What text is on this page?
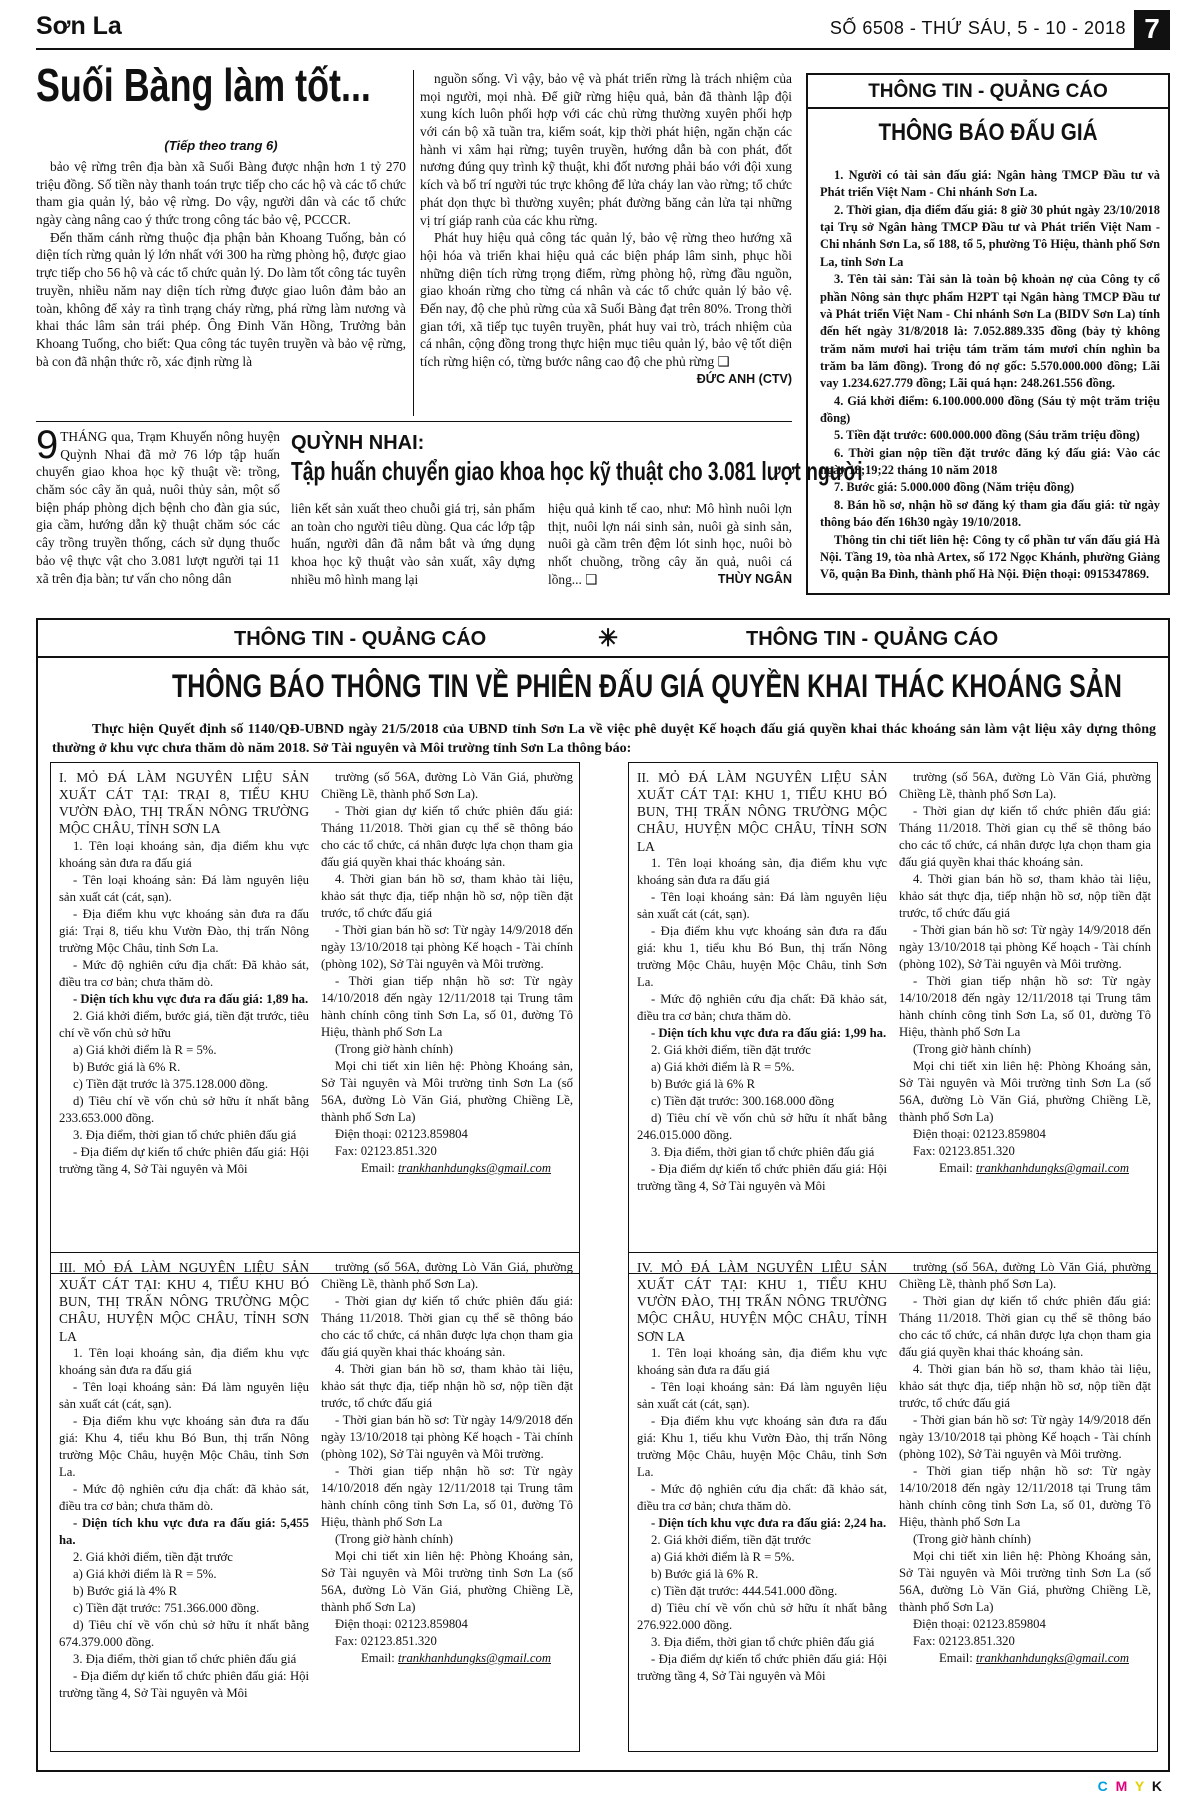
Sơn La	SỐ 6508 - THỨ SÁU, 5 - 10 - 2018 7
Suối Bàng làm tốt...
(Tiếp theo trang 6)

bảo vệ rừng trên địa bàn xã Suối Bàng được nhận hơn 1 tỷ 270 triệu đồng. Số tiền này thanh toán trực tiếp cho các hộ và các tổ chức tham gia quản lý, bảo vệ rừng. Do vậy, người dân và các tổ chức ngày càng nâng cao ý thức trong công tác bảo vệ, PCCCR.

Đến thăm cánh rừng thuộc địa phận bản Khoang Tuống, bản có diện tích rừng quản lý lớn nhất với 300 ha rừng phòng hộ, được giao trực tiếp cho 56 hộ và các tổ chức quản lý. Do làm tốt công tác tuyên truyền, nhiều năm nay diện tích rừng được giao luôn đảm bảo an toàn, không để xảy ra tình trạng cháy rừng, phá rừng làm nương và khai thác lâm sản trái phép. Ông Đinh Văn Hồng, Trưởng bản Khoang Tuống, cho biết: Qua công tác tuyên truyền và bảo vệ rừng, bà con đã nhận thức rõ, xác định rừng là

nguồn sống. Vì vậy, bảo vệ và phát triển rừng là trách nhiệm của mọi người, mọi nhà. Để giữ rừng hiệu quả, bản đã thành lập đội xung kích luôn phối hợp với các chủ rừng thường xuyên phối hợp với cán bộ xã tuần tra, kiểm soát, kịp thời phát hiện, ngăn chặn các hành vi xâm hại rừng; tuyên truyền, hướng dẫn bà con phát, đốt nương đúng quy trình kỹ thuật, khi đốt nương phải báo với đội xung kích và bố trí người túc trực không để lửa cháy lan vào rừng; tổ chức phát dọn thực bì thường xuyên; phát đường băng cản lửa tại những vị trí giáp ranh của các khu rừng.

Phát huy hiệu quả công tác quản lý, bảo vệ rừng theo hướng xã hội hóa và triển khai hiệu quả các biện pháp lâm sinh, phục hồi những diện tích rừng trọng điểm, rừng phòng hộ, rừng đầu nguồn, giao khoán rừng cho từng cá nhân và các tổ chức quản lý bảo vệ. Đến nay, độ che phủ rừng của xã Suối Bàng đạt trên 80%. Trong thời gian tới, xã tiếp tục tuyên truyền, phát huy vai trò, trách nhiệm của cá nhân, cộng đồng trong thực hiện mục tiêu quản lý, bảo vệ tốt diện tích rừng hiện có, từng bước nâng cao độ che phủ rừng ❑

ĐỨC ANH (CTV)
9 THÁNG qua, Trạm Khuyến nông huyện Quỳnh Nhai đã mở 76 lớp tập huấn chuyển giao khoa học kỹ thuật về: trồng, chăm sóc cây ăn quả, nuôi thủy sản, một số biện pháp phòng dịch bệnh cho đàn gia súc, gia cầm, hướng dẫn kỹ thuật chăm sóc các cây trồng truyền thống, cách sử dụng thuốc bảo vệ thực vật cho 3.081 lượt người tại 11 xã trên địa bàn; tư vấn cho nông dân
QUỲNH NHAI:
Tập huấn chuyển giao khoa học kỹ thuật cho 3.081 lượt người
liên kết sản xuất theo chuỗi giá trị, sản phẩm an toàn cho người tiêu dùng. Qua các lớp tập huấn, người dân đã nắm bắt và ứng dụng khoa học kỹ thuật vào sản xuất, xây dựng nhiều mô hình mang lại
hiệu quả kinh tế cao, như: Mô hình nuôi lợn thịt, nuôi lợn nái sinh sản, nuôi gà sinh sản, nuôi gà cầm trên đệm lót sinh học, nuôi bò nhốt chuồng, trồng cây ăn quả, nuôi cá lồng... ❑	THÙY NGÂN
THÔNG TIN - QUẢNG CÁO
THÔNG BÁO ĐẤU GIÁ

1. Người có tài sản đấu giá: Ngân hàng TMCP Đầu tư và Phát triển Việt Nam - Chi nhánh Sơn La.

2. Thời gian, địa điểm đấu giá: 8 giờ 30 phút ngày 23/10/2018 tại Trụ sở Ngân hàng TMCP Đầu tư và Phát triển Việt Nam - Chi nhánh Sơn La, số 188, tổ 5, phường Tô Hiệu, thành phố Sơn La, tỉnh Sơn La

3. Tên tài sản: Tài sản là toàn bộ khoản nợ của Công ty cổ phần Nông sản thực phẩm H2PT tại Ngân hàng TMCP Đầu tư và Phát triển Việt Nam - Chi nhánh Sơn La (BIDV Sơn La) tính đến hết ngày 31/8/2018 là: 7.052.889.335 đồng (bảy tỷ không trăm năm mươi hai triệu tám trăm tám mươi chín nghìn ba trăm ba lăm đồng). Trong đó nợ gốc: 5.570.000.000 đồng; Lãi vay 1.234.627.779 đồng; Lãi quá hạn: 248.261.556 đồng.

4. Giá khởi điểm: 6.100.000.000 đồng (Sáu tỷ một trăm triệu đồng)

5. Tiền đặt trước: 600.000.000 đồng (Sáu trăm triệu đồng)

6. Thời gian nộp tiền đặt trước đăng ký đấu giá: Vào các ngày 18;19;22 tháng 10 năm 2018

7. Bước giá: 5.000.000 đồng (Năm triệu đồng)

8. Bán hồ sơ, nhận hồ sơ đăng ký tham gia đấu giá: từ ngày thông báo đến 16h30 ngày 19/10/2018.

Thông tin chi tiết liên hệ: Công ty cổ phần tư vấn đấu giá Hà Nội. Tầng 19, tòa nhà Artex, số 172 Ngọc Khánh, phường Giảng Võ, quận Ba Đình, thành phố Hà Nội. Điện thoại: 0915347869.

THÔNG TIN - QUẢNG CÁO	✳	THÔNG TIN - QUẢNG CÁO
THÔNG BÁO THÔNG TIN VỀ PHIÊN ĐẤU GIÁ QUYỀN KHAI THÁC KHOÁNG SẢN
Thực hiện Quyết định số 1140/QĐ-UBND ngày 21/5/2018 của UBND tỉnh Sơn La về việc phê duyệt Kế hoạch đấu giá quyền khai thác khoáng sản làm vật liệu xây dựng thông thường ở khu vực chưa thăm dò năm 2018. Sở Tài nguyên và Môi trường tỉnh Sơn La thông báo:

I. MỎ ĐÁ LÀM NGUYÊN LIỆU SẢN XUẤT CÁT TẠI: TRẠI 8, TIỂU KHU VƯỜN ĐÀO, THỊ TRẤN NÔNG TRƯỜNG MỘC CHÂU, TỈNH SƠN LA

1. Tên loại khoáng sản, địa điểm khu vực khoáng sản đưa ra đấu giá

- Tên loại khoáng sản: Đá làm nguyên liệu sản xuất cát (cát, sạn).

- Địa điểm khu vực khoáng sản đưa ra đấu giá: Trại 8, tiểu khu Vườn Đào, thị trấn Nông trường Mộc Châu, tỉnh Sơn La.

- Mức độ nghiên cứu địa chất: Đã khảo sát, điều tra cơ bản; chưa thăm dò.

- Diện tích khu vực đưa ra đấu giá: 1,89 ha.

2. Giá khởi điểm, bước giá, tiền đặt trước, tiêu chí về vốn chủ sở hữu

a) Giá khởi điểm là R = 5%.

b) Bước giá là 6% R.

c) Tiền đặt trước là 375.128.000 đồng.

d) Tiêu chí về vốn chủ sở hữu ít nhất bằng 233.653.000 đồng.

3. Địa điểm, thời gian tổ chức phiên đấu giá

- Địa điểm dự kiến tổ chức phiên đấu giá: Hội trường tầng 4, Sở Tài nguyên và Môi

trường (số 56A, đường Lò Văn Giá, phường Chiềng Lề, thành phố Sơn La).

- Thời gian dự kiến tổ chức phiên đấu giá: Tháng 11/2018. Thời gian cụ thể sẽ thông báo cho các tổ chức, cá nhân được lựa chọn tham gia đấu giá quyền khai thác khoáng sản.

4. Thời gian bán hồ sơ, tham khảo tài liệu, khảo sát thực địa, tiếp nhận hồ sơ, nộp tiền đặt trước, tổ chức đấu giá

- Thời gian bán hồ sơ: Từ ngày 14/9/2018 đến ngày 13/10/2018 tại phòng Kế hoạch - Tài chính (phòng 102), Sở Tài nguyên và Môi trường.

- Thời gian tiếp nhận hồ sơ: Từ ngày 14/10/2018 đến ngày 12/11/2018 tại Trung tâm hành chính công tỉnh Sơn La, số 01, đường Tô Hiệu, thành phố Sơn La

(Trong giờ hành chính)

Mọi chi tiết xin liên hệ: Phòng Khoáng sản, Sở Tài nguyên và Môi trường tỉnh Sơn La (số 56A, đường Lò Văn Giá, phường Chiềng Lề, thành phố Sơn La)

Điện thoại: 02123.859804

Fax: 02123.851.320

Email: trankhanhdungks@gmail.com

II. MỎ ĐÁ LÀM NGUYÊN LIỆU SẢN XUẤT CÁT TẠI: KHU 1, TIỂU KHU BÓ BUN, THỊ TRẤN NÔNG TRƯỜNG MỘC CHÂU, HUYỆN MỘC CHÂU, TỈNH SƠN LA

1. Tên loại khoáng sản, địa điểm khu vực khoáng sản đưa ra đấu giá

- Tên loại khoáng sản: Đá làm nguyên liệu sản xuất cát (cát, sạn).

- Địa điểm khu vực khoáng sản đưa ra đấu giá: khu 1, tiểu khu Bó Bun, thị trấn Nông trường Mộc Châu, huyện Mộc Châu, tỉnh Sơn La.

- Mức độ nghiên cứu địa chất: Đã khảo sát, điều tra cơ bản; chưa thăm dò.

- Diện tích khu vực đưa ra đấu giá: 1,99 ha.

2. Giá khởi điểm, tiền đặt trước

a) Giá khởi điểm là R = 5%.

b) Bước giá là 6% R

c) Tiền đặt trước: 300.168.000 đồng

d) Tiêu chí về vốn chủ sở hữu ít nhất bằng 246.015.000 đồng.

3. Địa điểm, thời gian tổ chức phiên đấu giá

- Địa điểm dự kiến tổ chức phiên đấu giá: Hội trường tầng 4, Sở Tài nguyên và Môi

trường (số 56A, đường Lò Văn Giá, phường Chiềng Lề, thành phố Sơn La).

- Thời gian dự kiến tổ chức phiên đấu giá: Tháng 11/2018. Thời gian cụ thể sẽ thông báo cho các tổ chức, cá nhân được lựa chọn tham gia đấu giá quyền khai thác khoáng sản.

4. Thời gian bán hồ sơ, tham khảo tài liệu, khảo sát thực địa, tiếp nhận hồ sơ, nộp tiền đặt trước, tổ chức đấu giá

- Thời gian bán hồ sơ: Từ ngày 14/9/2018 đến ngày 13/10/2018 tại phòng Kế hoạch - Tài chính (phòng 102), Sở Tài nguyên và Môi trường.

- Thời gian tiếp nhận hồ sơ: Từ ngày 14/10/2018 đến ngày 12/11/2018 tại Trung tâm hành chính công tỉnh Sơn La, số 01, đường Tô Hiệu, thành phố Sơn La

(Trong giờ hành chính)

Mọi chi tiết xin liên hệ: Phòng Khoáng sản, Sở Tài nguyên và Môi trường tỉnh Sơn La (số 56A, đường Lò Văn Giá, phường Chiềng Lề, thành phố Sơn La)

Điện thoại: 02123.859804

Fax: 02123.851.320

Email: trankhanhdungks@gmail.com

III. MỎ ĐÁ LÀM NGUYÊN LIỆU SẢN XUẤT CÁT TẠI: KHU 4, TIỂU KHU BÓ BUN, THỊ TRẤN NÔNG TRƯỜNG MỘC CHÂU, HUYỆN MỘC CHÂU, TỈNH SƠN LA

1. Tên loại khoáng sản, địa điểm khu vực khoáng sản đưa ra đấu giá

- Tên loại khoáng sản: Đá làm nguyên liệu sản xuất cát (cát, sạn).

- Địa điểm khu vực khoáng sản đưa ra đấu giá: Khu 4, tiểu khu Bó Bun, thị trấn Nông trường Mộc Châu, huyện Mộc Châu, tỉnh Sơn La.

- Mức độ nghiên cứu địa chất: đã khảo sát, điều tra cơ bản; chưa thăm dò.

- Diện tích khu vực đưa ra đấu giá: 5,455 ha.

2. Giá khởi điểm, tiền đặt trước

a) Giá khởi điểm là R = 5%.

b) Bước giá là 4% R

c) Tiền đặt trước: 751.366.000 đồng.

d) Tiêu chí về vốn chủ sở hữu ít nhất bằng 674.379.000 đồng.

3. Địa điểm, thời gian tổ chức phiên đấu giá

- Địa điểm dự kiến tổ chức phiên đấu giá: Hội trường tầng 4, Sở Tài nguyên và Môi

trường (số 56A, đường Lò Văn Giá, phường Chiềng Lề, thành phố Sơn La).

- Thời gian dự kiến tổ chức phiên đấu giá: Tháng 11/2018. Thời gian cụ thể sẽ thông báo cho các tổ chức, cá nhân được lựa chọn tham gia đấu giá quyền khai thác khoáng sản.

4. Thời gian bán hồ sơ, tham khảo tài liệu, khảo sát thực địa, tiếp nhận hồ sơ, nộp tiền đặt trước, tổ chức đấu giá

- Thời gian bán hồ sơ: Từ ngày 14/9/2018 đến ngày 13/10/2018 tại phòng Kế hoạch - Tài chính (phòng 102), Sở Tài nguyên và Môi trường.

- Thời gian tiếp nhận hồ sơ: Từ ngày 14/10/2018 đến ngày 12/11/2018 tại Trung tâm hành chính công tỉnh Sơn La, số 01, đường Tô Hiệu, thành phố Sơn La

(Trong giờ hành chính)

Mọi chi tiết xin liên hệ: Phòng Khoáng sản, Sở Tài nguyên và Môi trường tỉnh Sơn La (số 56A, đường Lò Văn Giá, phường Chiềng Lề, thành phố Sơn La)

Điện thoại: 02123.859804

Fax: 02123.851.320

Email: trankhanhdungks@gmail.com

IV. MỎ ĐÁ LÀM NGUYÊN LIỆU SẢN XUẤT CÁT TẠI: KHU 1, TIỂU KHU VƯỜN ĐÀO, THỊ TRẤN NÔNG TRƯỜNG MỘC CHÂU, HUYỆN MỘC CHÂU, TỈNH SƠN LA

1. Tên loại khoáng sản, địa điểm khu vực khoáng sản đưa ra đấu giá

- Tên loại khoáng sản: Đá làm nguyên liệu sản xuất cát (cát, sạn).

- Địa điểm khu vực khoáng sản đưa ra đấu giá: Khu 1, tiểu khu Vườn Đào, thị trấn Nông trường Mộc Châu, huyện Mộc Châu, tỉnh Sơn La.

- Mức độ nghiên cứu địa chất: đã khảo sát, điều tra cơ bản; chưa thăm dò.

- Diện tích khu vực đưa ra đấu giá: 2,24 ha.

2. Giá khởi điểm, tiền đặt trước

a) Giá khởi điểm là R = 5%.

b) Bước giá là 6% R.

c) Tiền đặt trước: 444.541.000 đồng.

d) Tiêu chí về vốn chủ sở hữu ít nhất bằng 276.922.000 đồng.

3. Địa điểm, thời gian tổ chức phiên đấu giá

- Địa điểm dự kiến tổ chức phiên đấu giá: Hội trường tầng 4, Sở Tài nguyên và Môi

trường (số 56A, đường Lò Văn Giá, phường Chiềng Lề, thành phố Sơn La).

- Thời gian dự kiến tổ chức phiên đấu giá: Tháng 11/2018. Thời gian cụ thể sẽ thông báo cho các tổ chức, cá nhân được lựa chọn tham gia đấu giá quyền khai thác khoáng sản.

4. Thời gian bán hồ sơ, tham khảo tài liệu, khảo sát thực địa, tiếp nhận hồ sơ, nộp tiền đặt trước, tổ chức đấu giá

- Thời gian bán hồ sơ: Từ ngày 14/9/2018 đến ngày 13/10/2018 tại phòng Kế hoạch - Tài chính (phòng 102), Sở Tài nguyên và Môi trường.

- Thời gian tiếp nhận hồ sơ: Từ ngày 14/10/2018 đến ngày 12/11/2018 tại Trung tâm hành chính công tỉnh Sơn La, số 01, đường Tô Hiệu, thành phố Sơn La

(Trong giờ hành chính)

Mọi chi tiết xin liên hệ: Phòng Khoáng sản, Sở Tài nguyên và Môi trường tỉnh Sơn La (số 56A, đường Lò Văn Giá, phường Chiềng Lề, thành phố Sơn La)

Điện thoại: 02123.859804

Fax: 02123.851.320

Email: trankhanhdungks@gmail.com

C M Y K
